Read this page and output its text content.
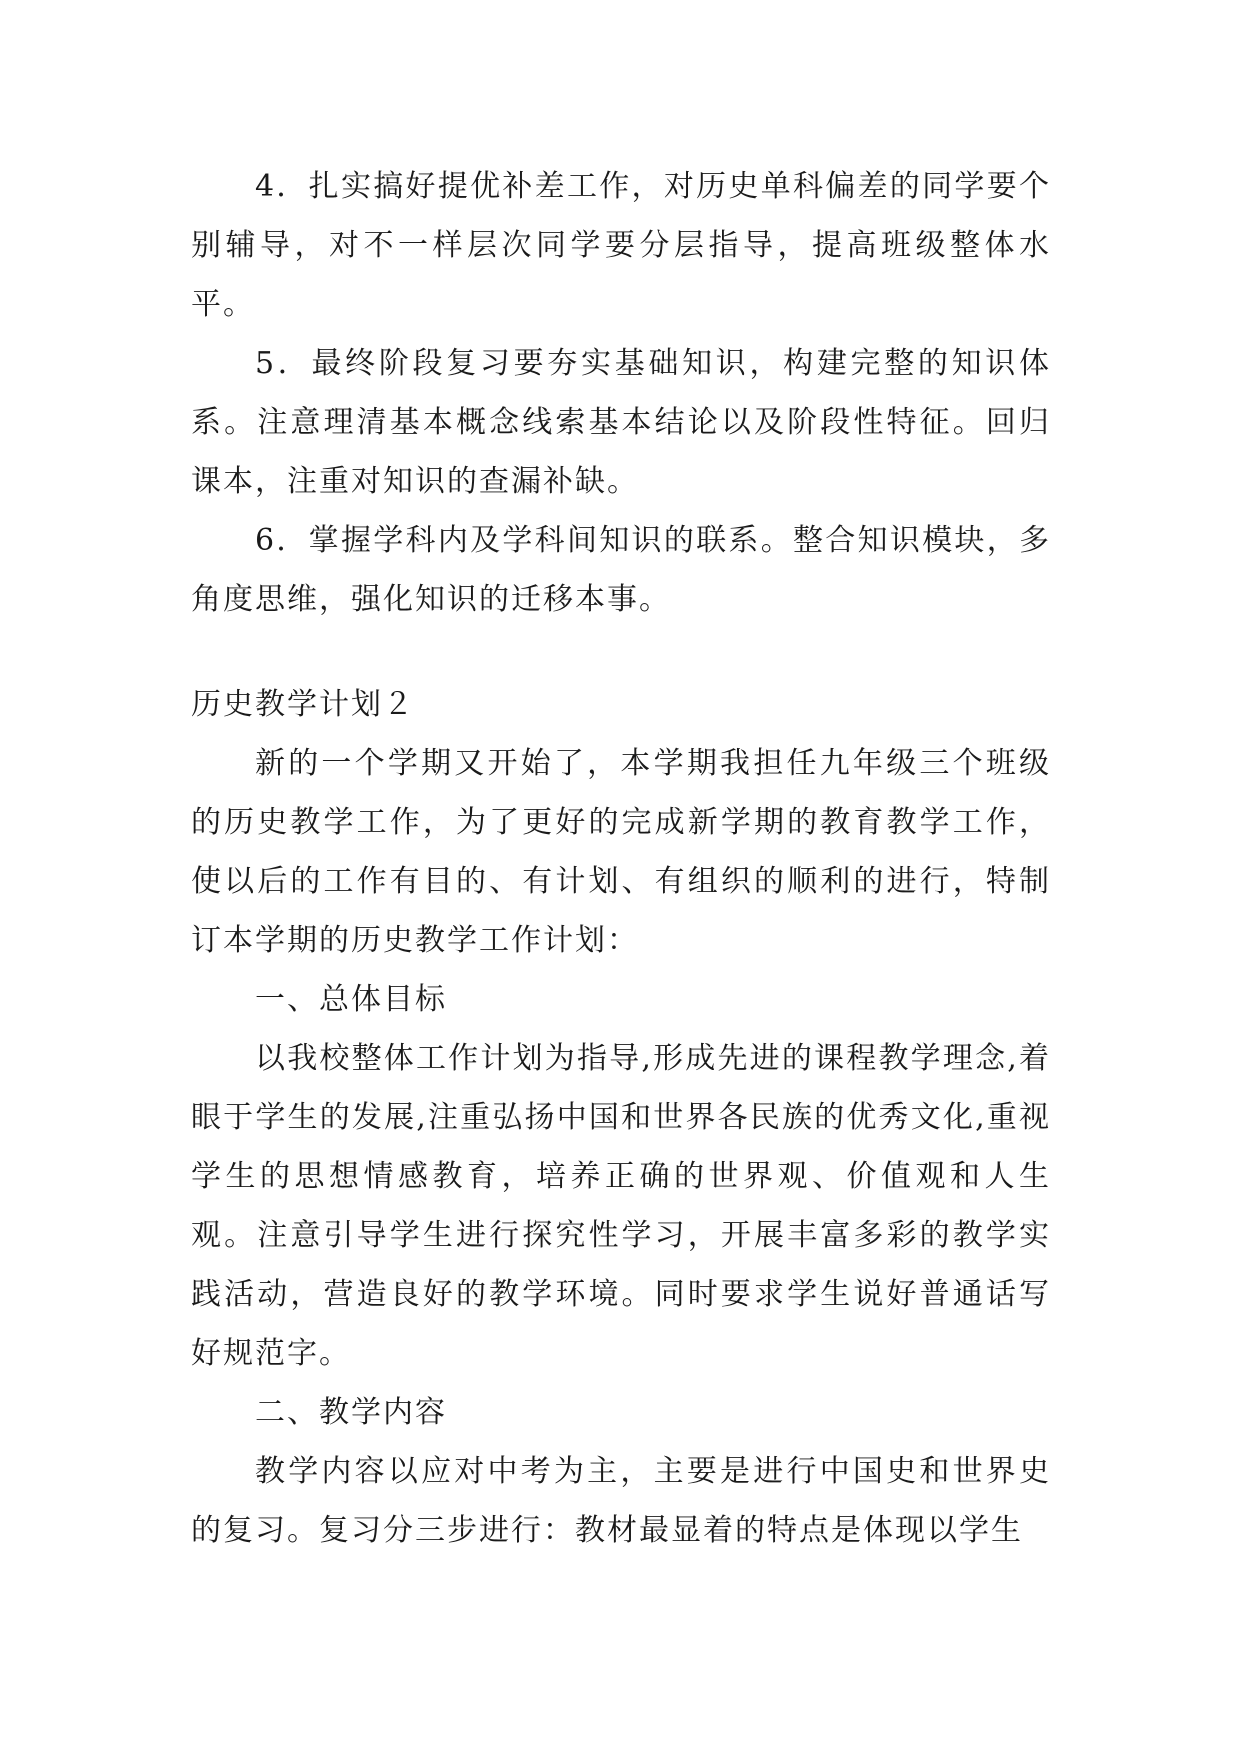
4．扎实搞好提优补差工作，对历史单科偏差的同学要个别辅导，对不一样层次同学要分层指导，提高班级整体水平。

5．最终阶段复习要夯实基础知识，构建完整的知识体系。注意理清基本概念线索基本结论以及阶段性特征。回归课本，注重对知识的查漏补缺。

6．掌握学科内及学科间知识的联系。整合知识模块，多角度思维，强化知识的迁移本事。

历史教学计划２

新的一个学期又开始了，本学期我担任九年级三个班级的历史教学工作，为了更好的完成新学期的教育教学工作，使以后的工作有目的、有计划、有组织的顺利的进行，特制订本学期的历史教学工作计划：

一、总体目标

以我校整体工作计划为指导,形成先进的课程教学理念,着眼于学生的发展,注重弘扬中国和世界各民族的优秀文化,重视学生的思想情感教育，培养正确的世界观、价值观和人生观。注意引导学生进行探究性学习，开展丰富多彩的教学实践活动，营造良好的教学环境。同时要求学生说好普通话写好规范字。

二、教学内容

教学内容以应对中考为主，主要是进行中国史和世界史的复习。复习分三步进行：教材最显着的特点是体现以学生
